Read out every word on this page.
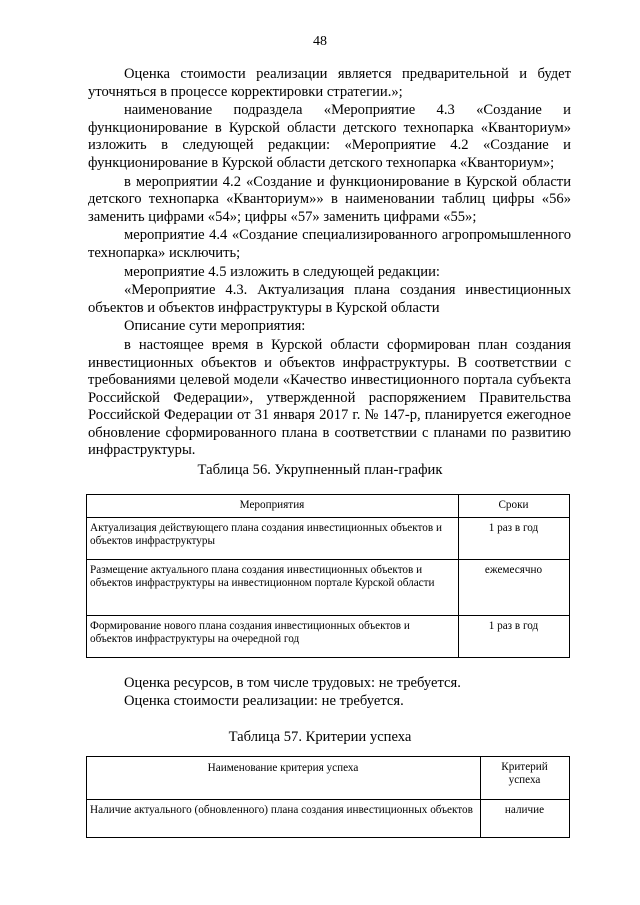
48

Оценка стоимости реализации является предварительной и будет уточняться в процессе корректировки стратегии.»;

наименование подраздела «Мероприятие 4.3 «Создание и функционирование в Курской области детского технопарка «Кванториум» изложить в следующей редакции: «Мероприятие 4.2 «Создание и функционирование в Курской области детского технопарка «Кванториум»;

в мероприятии 4.2 «Создание и функционирование в Курской области детского технопарка «Кванториум»» в наименовании таблиц цифры «56» заменить цифрами «54»; цифры «57» заменить цифрами «55»;

мероприятие 4.4 «Создание специализированного агропромышленного технопарка» исключить;

мероприятие 4.5 изложить в следующей редакции:

«Мероприятие 4.3. Актуализация плана создания инвестиционных объектов и объектов инфраструктуры в Курской области

Описание сути мероприятия:

в настоящее время в Курской области сформирован план создания инвестиционных объектов и объектов инфраструктуры. В соответствии с требованиями целевой модели «Качество инвестиционного портала субъекта Российской Федерации», утвержденной распоряжением Правительства Российской Федерации от 31 января 2017 г. № 147-р, планируется ежегодное обновление сформированного плана в соответствии с планами по развитию инфраструктуры.

Таблица 56. Укрупненный план-график
Мероприятия	Сроки
Актуализация действующего плана создания инвестиционных объектов и объектов инфраструктуры	1 раз в год
Размещение актуального плана создания инвестиционных объектов и объектов инфраструктуры на инвестиционном портале Курской области	ежемесячно
Формирование нового плана создания инвестиционных объектов и объектов инфраструктуры на очередной год	1 раз в год
Оценка ресурсов, в том числе трудовых: не требуется.
Оценка стоимости реализации: не требуется.
Таблица 57. Критерии успеха
Наименование критерия успеха	Критерий успеха
Наличие актуального (обновленного) плана создания инвестиционных объектов	наличие
